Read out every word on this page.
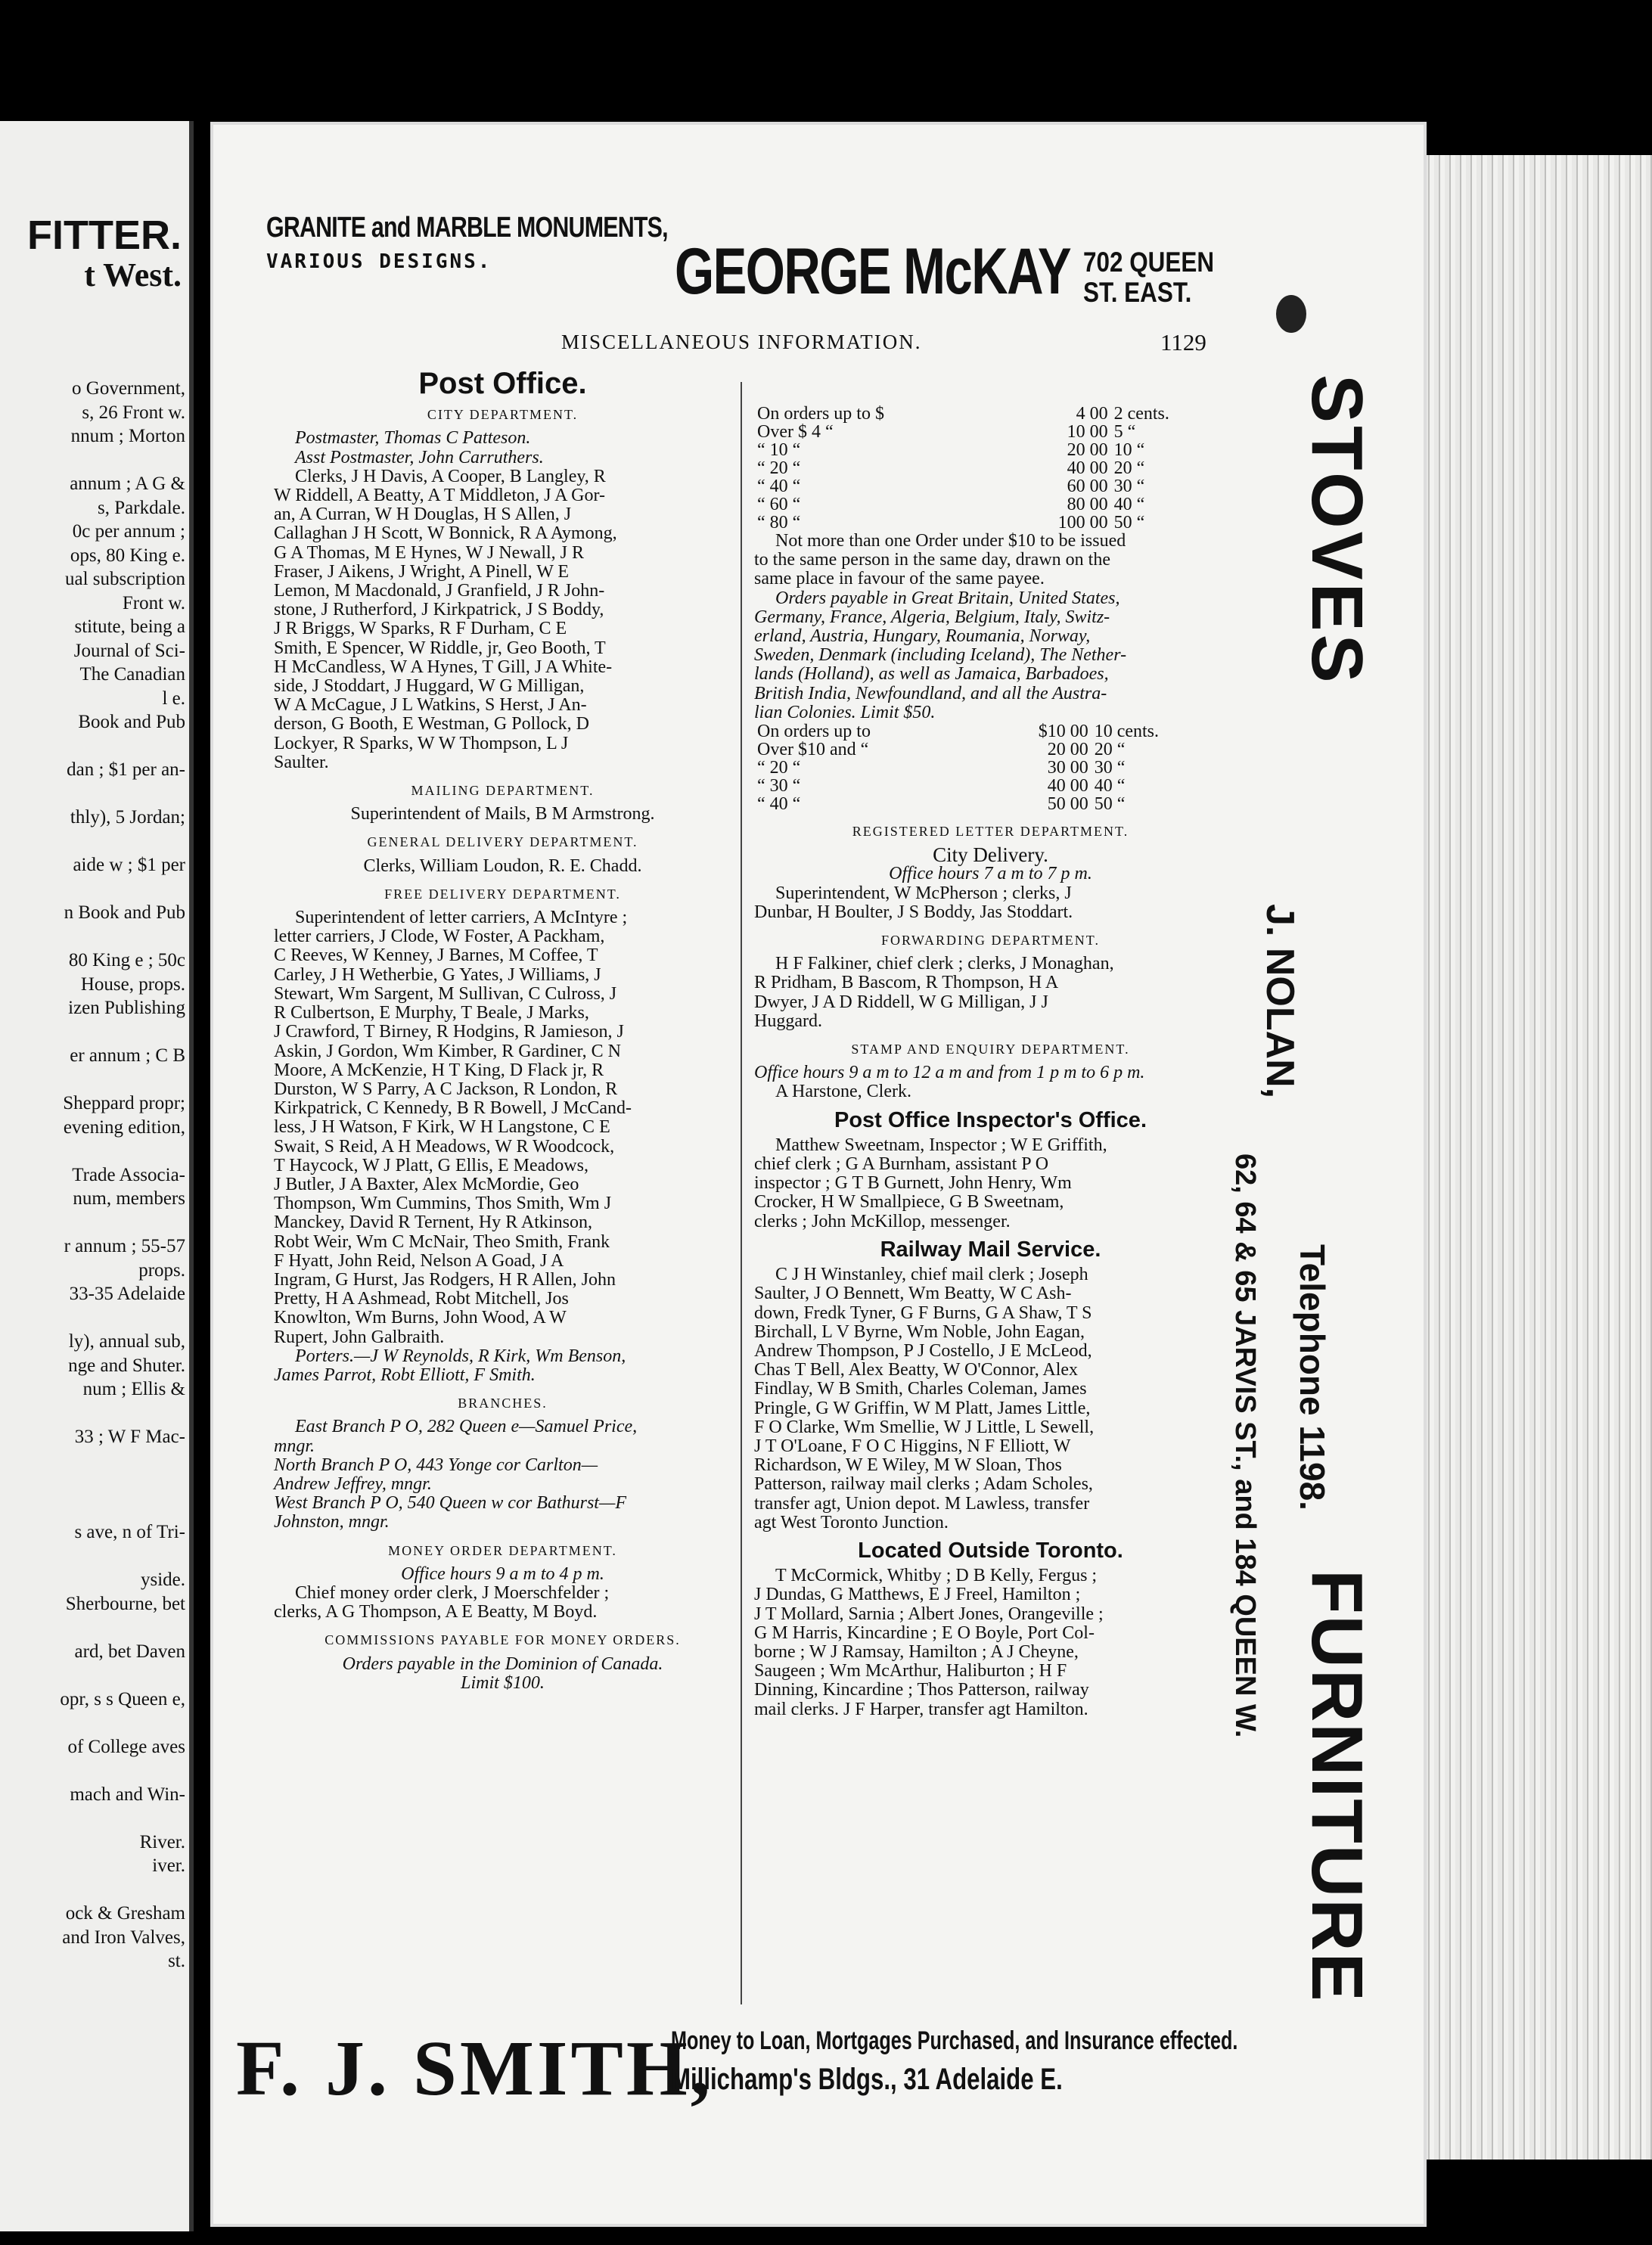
FITTER.
t West.
o Government,
s, 26 Front w.
nnum ; Morton
annum ; A G &
s, Parkdale.
0c per annum ;
ops, 80 King e.
ual subscription
Front w.
stitute, being a
Journal of Sci-
The Canadian
l e.
Book and Pub
dan ; $1 per an-
thly), 5 Jordan;
aide w ; $1 per
n Book and Pub
80 King e ; 50c
House, props.
izen Publishing
er annum ; C B
Sheppard propr;
evening edition,
Trade Associa-
num, members
r annum ; 55-57
props.
33-35 Adelaide
ly), annual sub,
nge and Shuter.
num ; Ellis &
33 ; W F Mac-
s ave, n of Tri-
yside.
Sherbourne, bet
ard, bet Daven
opr, s s Queen e,
of College aves
mach and Win-
River.
iver.
ock & Gresham
and Iron Valves,
st.
GRANITE and MARBLE MONUMENTS,
VARIOUS DESIGNS.	GEORGE McKAY 702 QUEEN
ST. EAST.
MISCELLANEOUS INFORMATION.	1129

Post Office.

CITY DEPARTMENT.

Postmaster, Thomas C Patteson.

Asst Postmaster, John Carruthers.

Clerks, J H Davis, A Cooper, B Langley, R

W Riddell, A Beatty, A T Middleton, J A Gor-

an, A Curran, W H Douglas, H S Allen, J

Callaghan J H Scott, W Bonnick, R A Aymong,

G A Thomas, M E Hynes, W J Newall, J R

Fraser, J Aikens, J Wright, A Pinell, W E

Lemon, M Macdonald, J Granfield, J R John-

stone, J Rutherford, J Kirkpatrick, J S Boddy,

J R Briggs, W Sparks, R F Durham, C E

Smith, E Spencer, W Riddle, jr, Geo Booth, T

H McCandless, W A Hynes, T Gill, J A White-

side, J Stoddart, J Huggard, W G Milligan,

W A McCague, J L Watkins, S Herst, J An-

derson, G Booth, E Westman, G Pollock, D

Lockyer, R Sparks, W W Thompson, L J

Saulter.

MAILING DEPARTMENT.

Superintendent of Mails, B M Armstrong.

GENERAL DELIVERY DEPARTMENT.

Clerks, William Loudon, R. E. Chadd.

FREE DELIVERY DEPARTMENT.

Superintendent of letter carriers, A McIntyre ;

letter carriers, J Clode, W Foster, A Packham,

C Reeves, W Kenney, J Barnes, M Coffee, T

Carley, J H Wetherbie, G Yates, J Williams, J

Stewart, Wm Sargent, M Sullivan, C Culross, J

R Culbertson, E Murphy, T Beale, J Marks,

J Crawford, T Birney, R Hodgins, R Jamieson, J

Askin, J Gordon, Wm Kimber, R Gardiner, C N

Moore, A McKenzie, H T King, D Flack jr, R

Durston, W S Parry, A C Jackson, R London, R

Kirkpatrick, C Kennedy, B R Bowell, J McCand-

less, J H Watson, F Kirk, W H Langstone, C E

Swait, S Reid, A H Meadows, W R Woodcock,

T Haycock, W J Platt, G Ellis, E Meadows,

J Butler, J A Baxter, Alex McMordie, Geo

Thompson, Wm Cummins, Thos Smith, Wm J

Manckey, David R Ternent, Hy R Atkinson,

Robt Weir, Wm C McNair, Theo Smith, Frank

F Hyatt, John Reid, Nelson A Goad, J A

Ingram, G Hurst, Jas Rodgers, H R Allen, John

Pretty, H A Ashmead, Robt Mitchell, Jos

Knowlton, Wm Burns, John Wood, A W

Rupert, John Galbraith.

Porters.—J W Reynolds, R Kirk, Wm Benson,

James Parrot, Robt Elliott, F Smith.

BRANCHES.

East Branch P O, 282 Queen e—Samuel Price,

mngr.

North Branch P O, 443 Yonge cor Carlton—

Andrew Jeffrey, mngr.

West Branch P O, 540 Queen w cor Bathurst—F

Johnston, mngr.

MONEY ORDER DEPARTMENT.

Office hours 9 a m to 4 p m.

Chief money order clerk, J Moerschfelder ;

clerks, A G Thompson, A E Beatty, M Boyd.

COMMISSIONS PAYABLE FOR MONEY ORDERS.

Orders payable in the Dominion of Canada.

Limit $100.

On orders up to $	4 00	2 cents.
Over $ 4 “	10 00	5 “
“ 10 “	20 00	10 “
“ 20 “	40 00	20 “
“ 40 “	60 00	30 “
“ 60 “	80 00	40 “
“ 80 “	100 00	50 “

Not more than one Order under $10 to be issued

to the same person in the same day, drawn on the

same place in favour of the same payee.

Orders payable in Great Britain, United States,

Germany, France, Algeria, Belgium, Italy, Switz-

erland, Austria, Hungary, Roumania, Norway,

Sweden, Denmark (including Iceland), The Nether-

lands (Holland), as well as Jamaica, Barbadoes,

British India, Newfoundland, and all the Austra-

lian Colonies. Limit $50.

On orders up to	$10 00	10 cents.
Over $10 and “	20 00	20 “
“ 20 “	30 00	30 “
“ 30 “	40 00	40 “
“ 40 “	50 00	50 “

REGISTERED LETTER DEPARTMENT.

City Delivery.

Office hours 7 a m to 7 p m.

Superintendent, W McPherson ; clerks, J

Dunbar, H Boulter, J S Boddy, Jas Stoddart.

FORWARDING DEPARTMENT.

H F Falkiner, chief clerk ; clerks, J Monaghan,

R Pridham, B Bascom, R Thompson, H A

Dwyer, J A D Riddell, W G Milligan, J J

Huggard.

STAMP AND ENQUIRY DEPARTMENT.

Office hours 9 a m to 12 a m and from 1 p m to 6 p m.

A Harstone, Clerk.

Post Office Inspector's Office.

Matthew Sweetnam, Inspector ; W E Griffith,

chief clerk ; G A Burnham, assistant P O

inspector ; G T B Gurnett, John Henry, Wm

Crocker, H W Smallpiece, G B Sweetnam,

clerks ; John McKillop, messenger.

Railway Mail Service.

C J H Winstanley, chief mail clerk ; Joseph

Saulter, J O Bennett, Wm Beatty, W C Ash-

down, Fredk Tyner, G F Burns, G A Shaw, T S

Birchall, L V Byrne, Wm Noble, John Eagan,

Andrew Thompson, P J Costello, J E McLeod,

Chas T Bell, Alex Beatty, W O'Connor, Alex

Findlay, W B Smith, Charles Coleman, James

Pringle, G W Griffin, W M Platt, James Little,

F O Clarke, Wm Smellie, W J Little, L Sewell,

J T O'Loane, F O C Higgins, N F Elliott, W

Richardson, W E Wiley, M W Sloan, Thos

Patterson, railway mail clerks ; Adam Scholes,

transfer agt, Union depot. M Lawless, transfer

agt West Toronto Junction.

Located Outside Toronto.

T McCormick, Whitby ; D B Kelly, Fergus ;

J Dundas, G Matthews, E J Freel, Hamilton ;

J T Mollard, Sarnia ; Albert Jones, Orangeville ;

G M Harris, Kincardine ; E O Boyle, Port Col-

borne ; W J Ramsay, Hamilton ; A J Cheyne,

Saugeen ; Wm McArthur, Haliburton ; H F

Dinning, Kincardine ; Thos Patterson, railway

mail clerks. J F Harper, transfer agt Hamilton.

STOVES
J. NOLAN,
62, 64 & 65 JARVIS ST., and 184 QUEEN W. Telephone 1198.
FURNITURE
F. J. SMITH,
Money to Loan, Mortgages Purchased, and Insurance effected.
Millichamp's Bldgs., 31 Adelaide E.
